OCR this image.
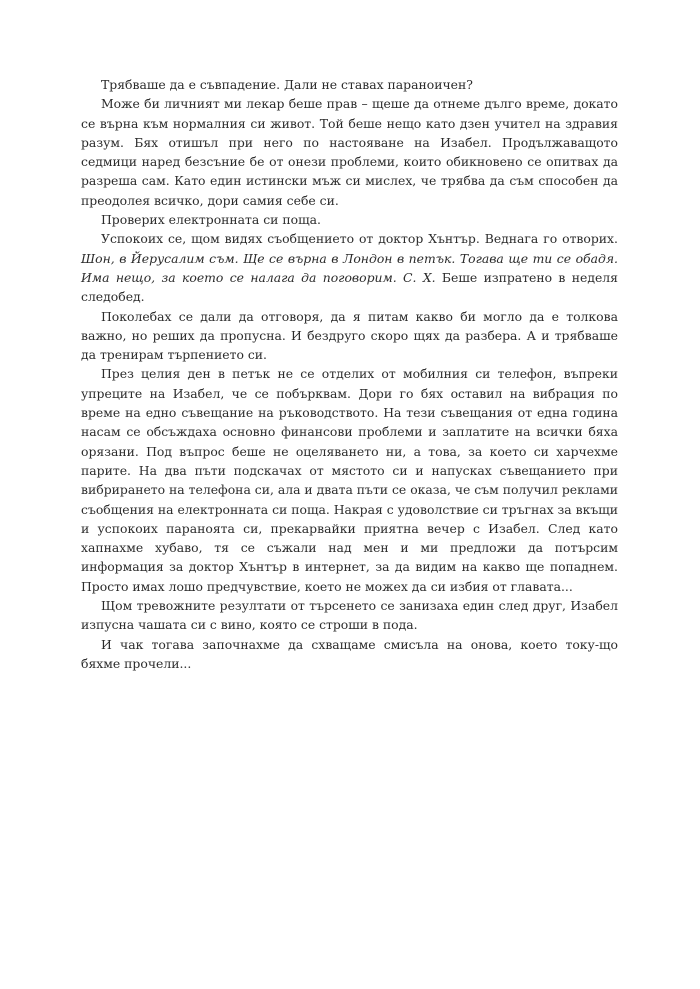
Трябваше да е съвпадение. Дали не ставах параноичен?

Може би личният ми лекар беше прав – щеше да отнеме дълго време, докато се върна към нормалния си живот. Той беше нещо като дзен учител на здравия разум. Бях отишъл при него по настояване на Изабел. Продължаващото седмици наред безсъние бе от онези проблеми, които обикновено се опитвах да разреша сам. Като един истински мъж си мислех, че трябва да съм способен да преодолея всичко, дори самия себе си.

Проверих електронната си поща.

Успокоих се, щом видях съобщението от доктор Хънтър. Веднага го отворих. Шон, в Йерусалим съм. Ще се върна в Лондон в петък. Тогава ще ти се обадя. Има нещо, за което се налага да поговорим. С. Х. Беше изпратено в неделя следобед.

Поколебах се дали да отговоря, да я питам какво би могло да е толкова важно, но реших да пропусна. И бездруго скоро щях да разбера. А и трябваше да тренирам търпението си.

През целия ден в петък не се отделих от мобилния си телефон, въпреки упреците на Изабел, че се побърквам. Дори го бях оставил на вибрация по време на едно съвещание на ръководството. На тези съвещания от една година насам се обсъждаха основно финансови проблеми и заплатите на всички бяха орязани. Под въпрос беше не оцеляването ни, а това, за което си харчехме парите. На два пъти подскачах от мястото си и напусках съвещанието при вибрирането на телефона си, ала и двата пъти се оказа, че съм получил реклами съобщения на електронната си поща. Накрая с удоволствие си тръгнах за вкъщи и успокоих параноята си, прекарвайки приятна вечер с Изабел. След като хапнахме хубаво, тя се съжали над мен и ми предложи да потърсим информация за доктор Хънтър в интернет, за да видим на какво ще попаднем. Просто имах лошо предчувствие, което не можех да си избия от главата...

Щом тревожните резултати от търсенето се занизаха един след друг, Изабел изпусна чашата си с вино, която се строши в пода.

И чак тогава започнахме да схващаме смисъла на онова, което току-що бяхме прочели...
